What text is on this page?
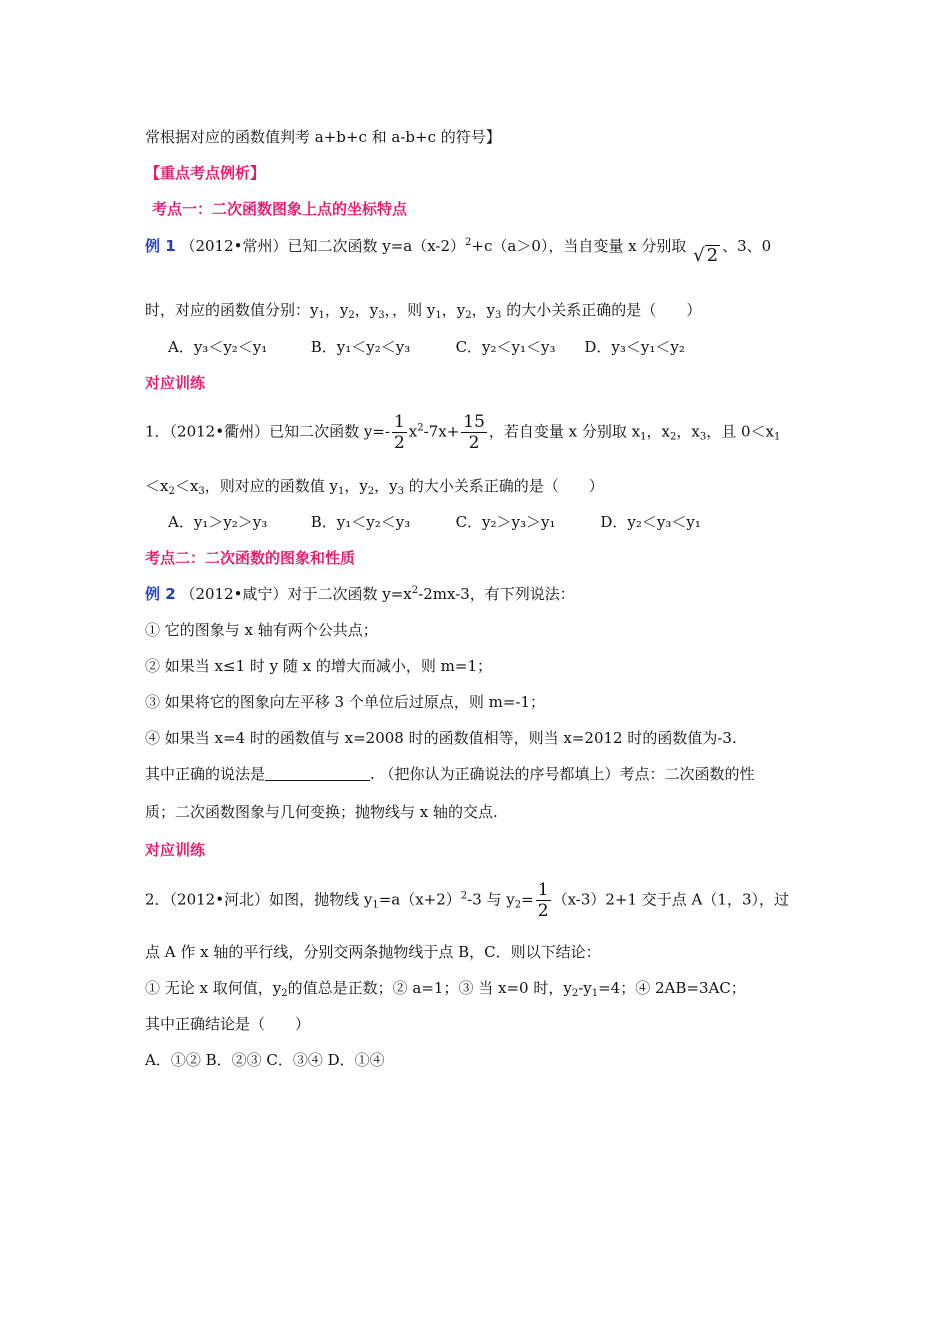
常根据对应的函数值判考 a+b+c 和 a-b+c 的符号】
【重点考点例析】
考点一：二次函数图象上点的坐标特点
例 1 （2012•常州）已知二次函数 $y=a(x-2)^2+c(a>0)$，当自变量 x 分别取 √ 2 、3、0
时，对应的函数值分别：$y_1$，$y_2$，$y_3$，，则 $y_1$，$y_2$，$y_3$ 的大小关系正确的是（　　）
A．y₃＜y₂＜y₁	B．y₁＜y₂＜y₃	C．y₂＜y₁＜y₃ D．y₃＜y₁＜y₂
对应训练
1．（2012•衢州）已知二次函数 $y=- \frac{1}{2} x^2-7x+ \frac{15}{2}$ ，若自变量 x 分别取 $x_1$，$x_2$，$x_3$，且 $0<x_1$
$<x_2<x_3$，则对应的函数值 $y_1$，$y_2$，$y_3$ 的大小关系正确的是（　　）
A．y₁＞y₂＞y₃	B．y₁＜y₂＜y₃	C．y₂＞y₃＞y₁	D．y₂＜y₃＜y₁
考点二：二次函数的图象和性质
例 2 （2012•咸宁）对于二次函数 $y=x^2-2mx-3$，有下列说法：
① 它的图象与 x 轴有两个公共点；
② 如果当 x≤1 时 y 随 x 的增大而减小，则 m=1；
③ 如果将它的图象向左平移 3 个单位后过原点，则 m=-1；
④ 如果当 x=4 时的函数值与 x=2008 时的函数值相等，则当 x=2012 时的函数值为-3.
其中正确的说法是	. （把你认为正确说法的序号都填上）考点：二次函数的性
质；二次函数图象与几何变换；抛物线与 x 轴的交点.
对应训练
2．（2012•河北）如图，抛物线 $y_1=a(x+2)^2-3$ 与 $y_2= \frac{1}{2} (x-3)2+1$ 交于点 A（1，3），过
点 A 作 x 轴的平行线，分别交两条抛物线于点 B，C．则以下结论：
① 无论 x 取何值，$y_2$的值总是正数；② a=1；③ 当 x=0 时，$y_2-y_1=4$；④ 2AB=3AC；
其中正确结论是（　　）
A．①② B．②③ C．③④ D．①④
